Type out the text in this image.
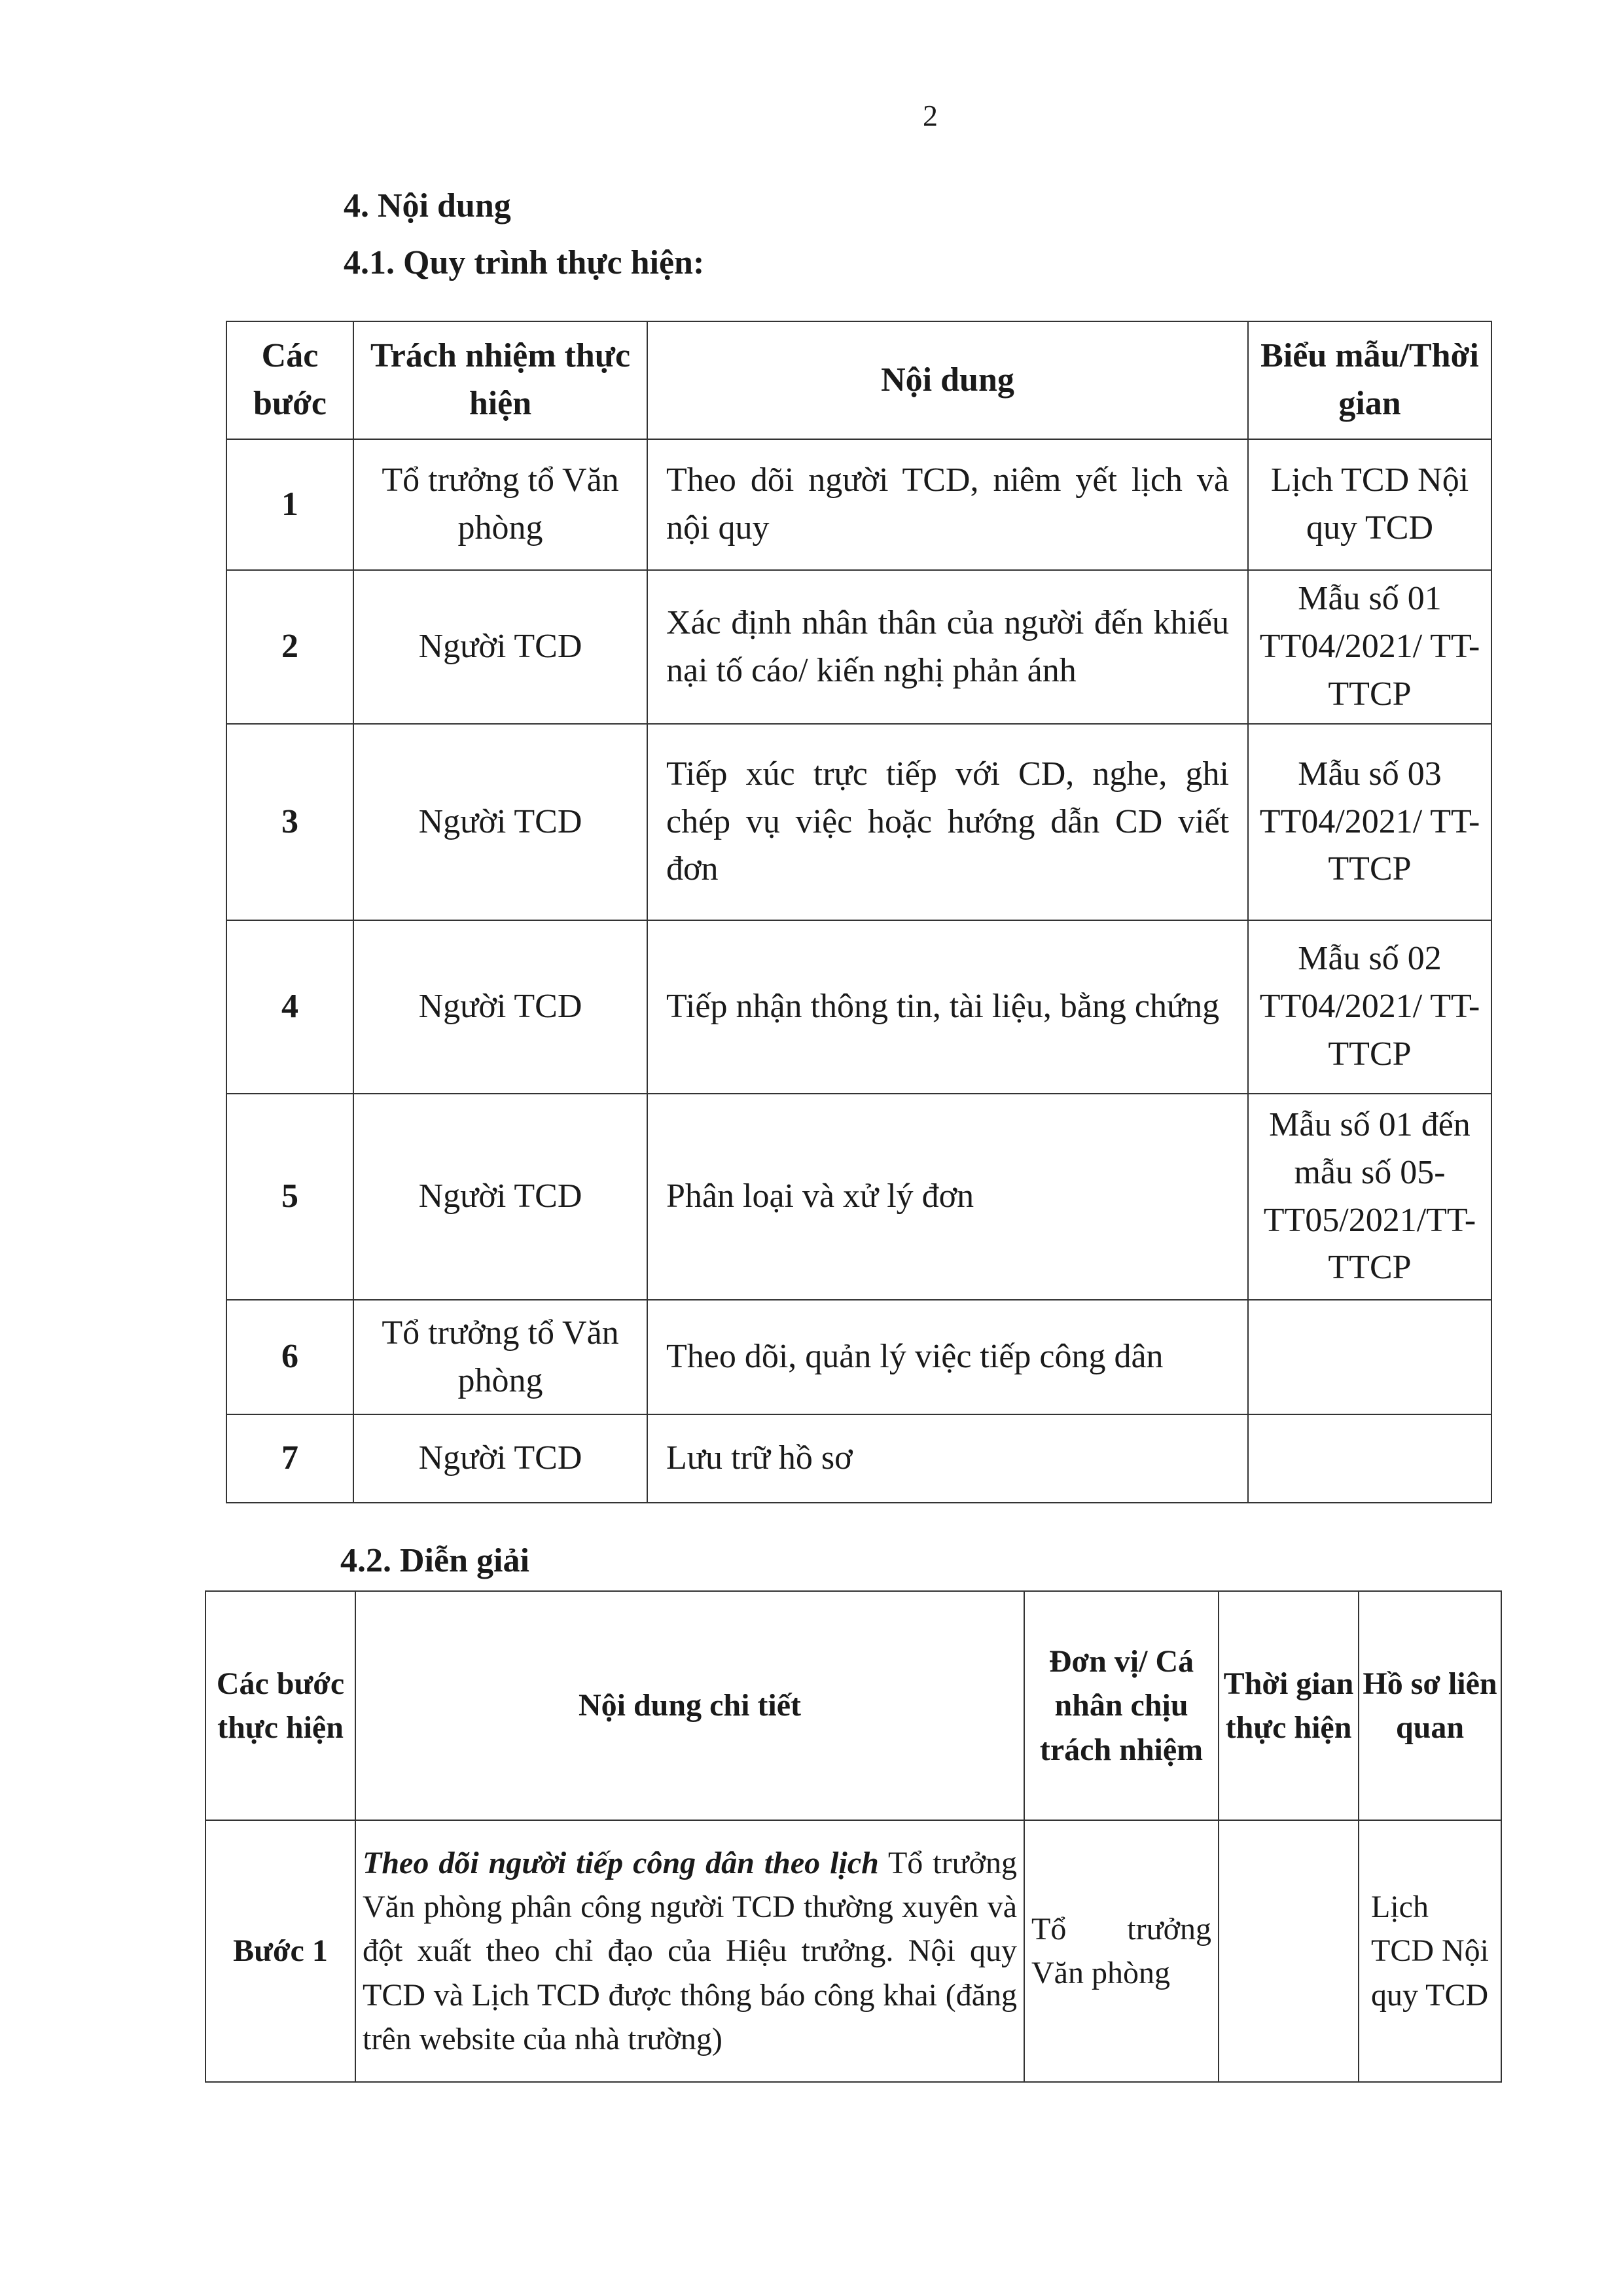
2
4. Nội dung
4.1. Quy trình thực hiện:
Các bước	Trách nhiệm thực hiện	Nội dung	Biểu mẫu/Thời gian
1	Tổ trưởng tổ Văn phòng	Theo dõi người TCD, niêm yết lịch và nội quy	Lịch TCD Nội quy TCD
2	Người TCD	Xác định nhân thân của người đến khiếu nại tố cáo/ kiến nghị phản ánh	Mẫu số 01 TT04/2021/ TT-TTCP
3	Người TCD	Tiếp xúc trực tiếp với CD, nghe, ghi chép vụ việc hoặc hướng dẫn CD viết đơn	Mẫu số 03 TT04/2021/ TT-TTCP
4	Người TCD	Tiếp nhận thông tin, tài liệu, bằng chứng	Mẫu số 02 TT04/2021/ TT-TTCP
5	Người TCD	Phân loại và xử lý đơn	Mẫu số 01 đến mẫu số 05- TT05/2021/TT- TTCP
6	Tổ trưởng tổ Văn phòng	Theo dõi, quản lý việc tiếp công dân	
7	Người TCD	Lưu trữ hồ sơ	
4.2. Diễn giải
Các bước thực hiện	Nội dung chi tiết	Đơn vị/ Cá nhân chịu trách nhiệm	Thời gian thực hiện	Hồ sơ liên quan
Bước 1	Theo dõi người tiếp công dân theo lịch Tổ trưởng Văn phòng phân công người TCD thường xuyên và đột xuất theo chỉ đạo của Hiệu trưởng. Nội quy TCD và Lịch TCD được thông báo công khai (đăng trên website của nhà trường)	Tổ trưởng Văn phòng		Lịch TCD Nội quy TCD
